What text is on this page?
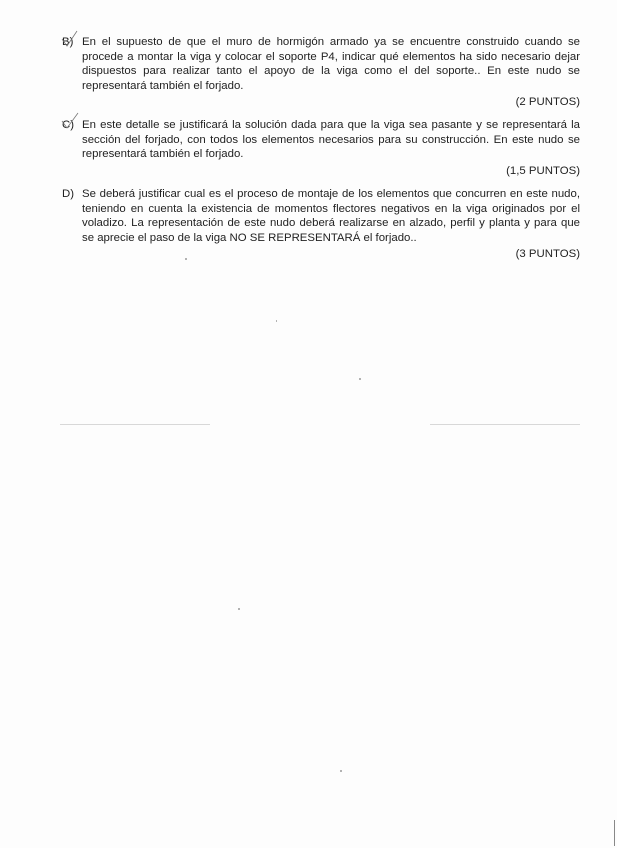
B) En el supuesto de que el muro de hormigón armado ya se encuentre construido cuando se procede a montar la viga y colocar el soporte P4, indicar qué elementos ha sido necesario dejar dispuestos para realizar tanto el apoyo de la viga como el del soporte.. En este nudo se representará también el forjado.
(2 PUNTOS)
C) En este detalle se justificará la solución dada para que la viga sea pasante y se representará la sección del forjado, con todos los elementos necesarios para su construcción. En este nudo se representará también el forjado.
(1,5 PUNTOS)
D) Se deberá justificar cual es el proceso de montaje de los elementos que concurren en este nudo, teniendo en cuenta la existencia de momentos flectores negativos en la viga originados por el voladizo. La representación de este nudo deberá realizarse en alzado, perfil y planta y para que se aprecie el paso de la viga NO SE REPRESENTARÁ el forjado..
(3 PUNTOS)
